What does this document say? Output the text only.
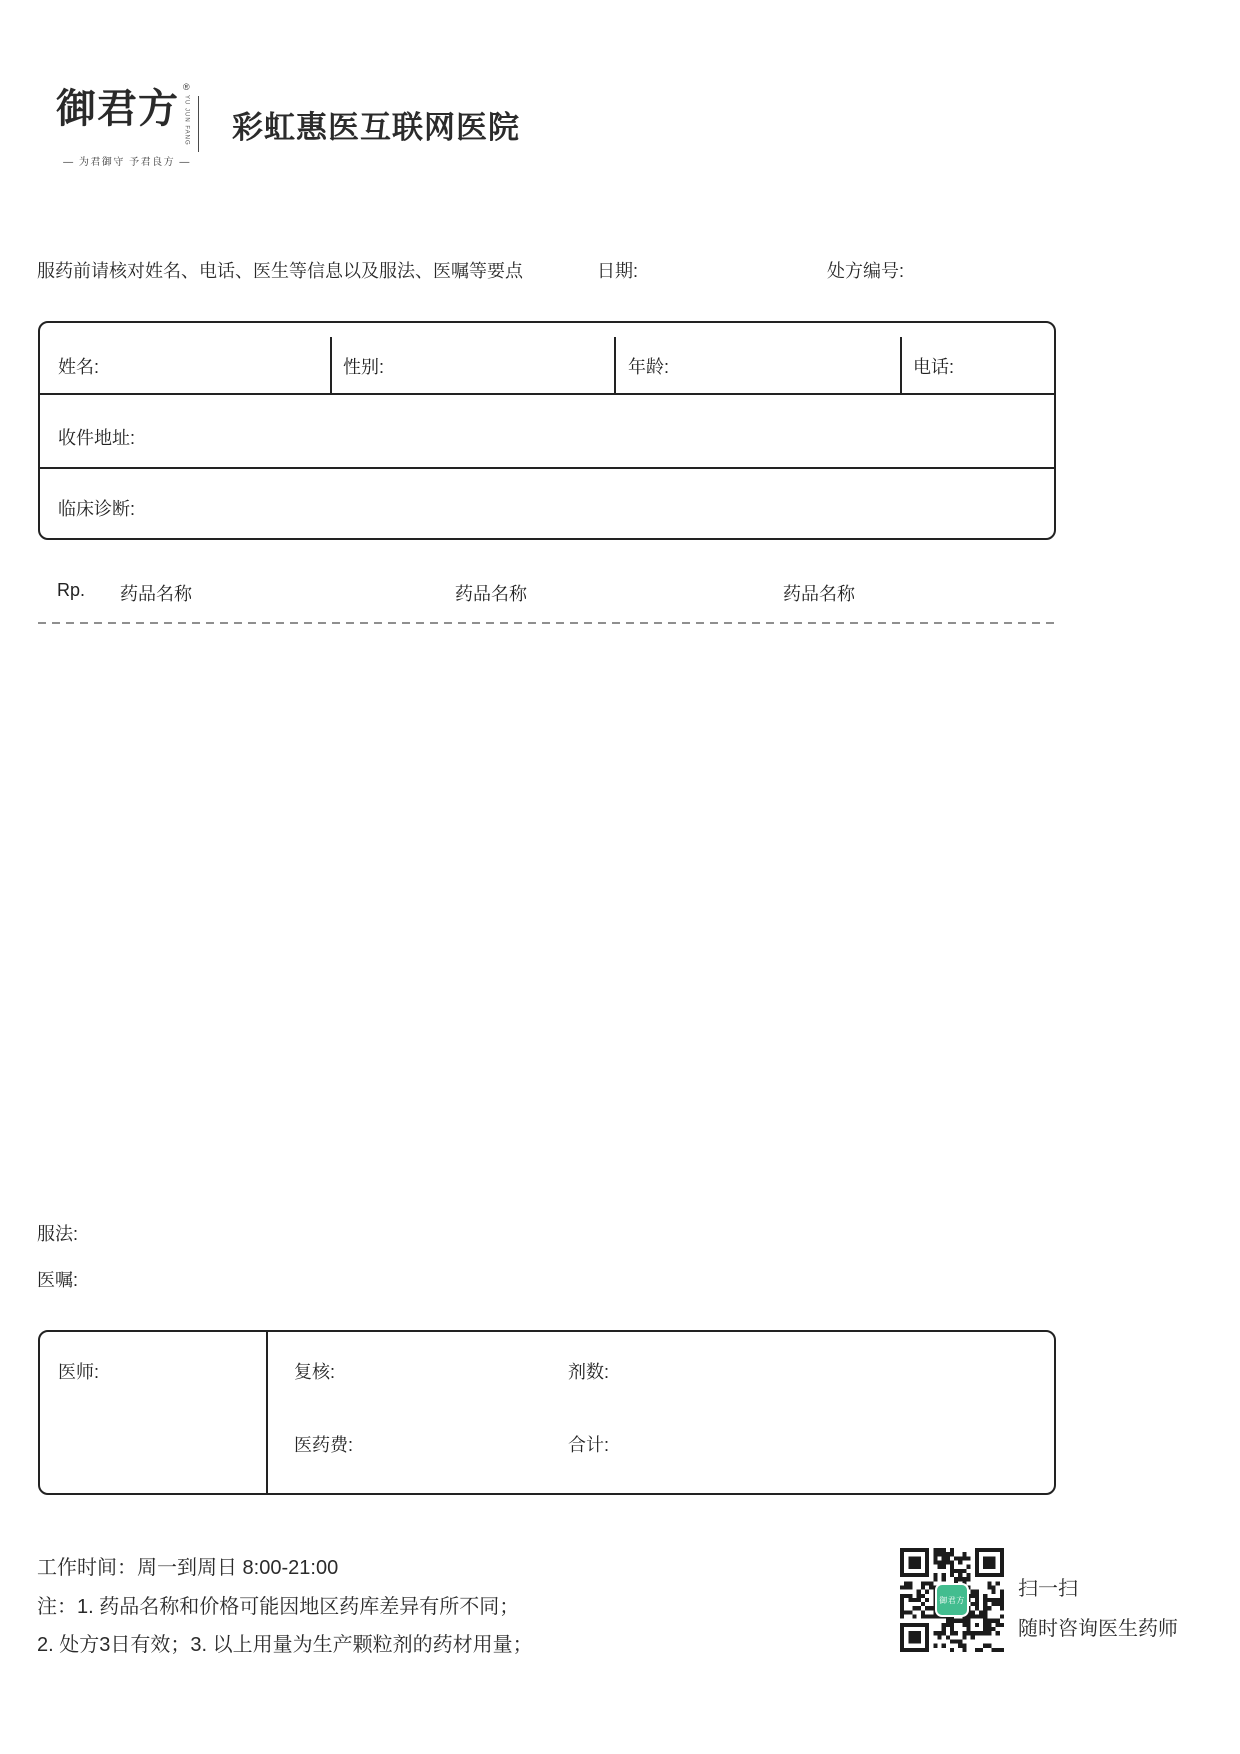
御君方 ®
YU JUN FANG
— 为君御守 予君良方 —
彩虹惠医互联网医院
服药前请核对姓名、电话、医生等信息以及服法、医嘱等要点	日期:	处方编号:
姓名:	性别:	年龄:	电话:
收件地址:
临床诊断:
Rp. 药品名称	药品名称	药品名称
服法:
医嘱:
医师:	复核:	剂数:
医药费:	合计:
工作时间：周一到周日 8:00-21:00
注：1. 药品名称和价格可能因地区药库差异有所不同；
2. 处方3日有效；3. 以上用量为生产颗粒剂的药材用量；
御君方	扫一扫
随时咨询医生药师
